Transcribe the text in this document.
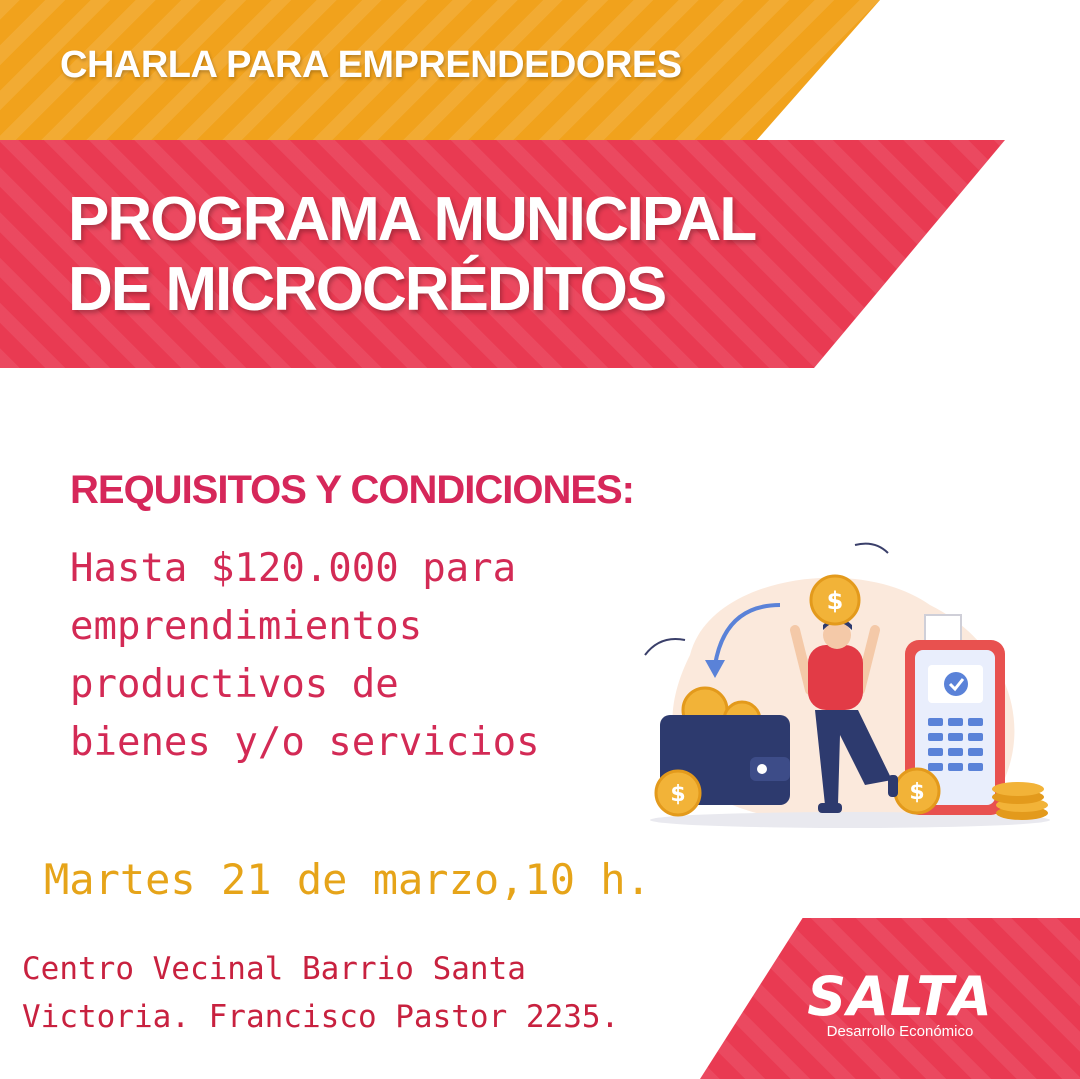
CHARLA PARA EMPRENDEDORES
PROGRAMA MUNICIPAL
DE MICROCRÉDITOS
REQUISITOS Y CONDICIONES:
Hasta $120.000 para
emprendimientos
productivos de
bienes y/o servicios
$	$
$
Martes 21 de marzo,10 h.
Centro Vecinal Barrio Santa
Victoria. Francisco Pastor 2235.	SALTA
Desarrollo Económico
